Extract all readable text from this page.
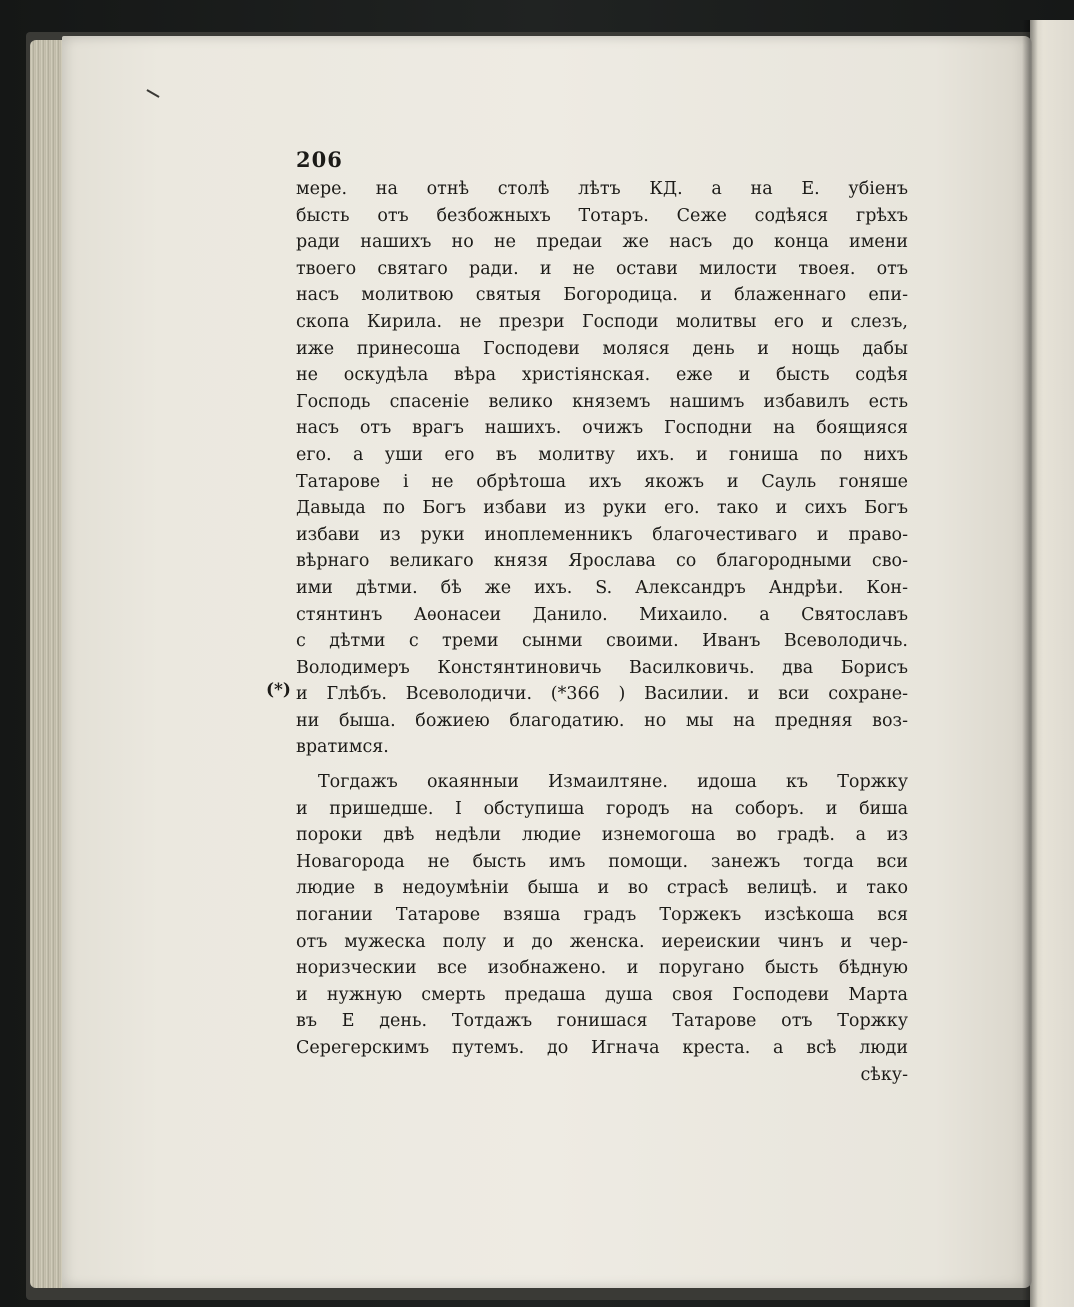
(*)
206
мере. на отнѣ столѣ лѣтъ КД. а на Е. убіенъ
бысть отъ безбожныхъ Тотаръ. Сеже содѣяся грѣхъ
ради нашихъ но не предаи же насъ до конца имени
твоего святаго ради. и не остави милости твоея. отъ
насъ молитвою святыя Богородица. и блаженнаго епи-
скопа Кирила. не презри Господи молитвы его и слезъ,
иже принесоша Господеви моляся день и нощь дабы
не оскудѣла вѣра христіянская. еже и бысть содѣя
Господь спасеніе велико княземъ нашимъ избавилъ есть
насъ отъ врагъ нашихъ. очижъ Господни на боящияся
его. а уши его въ молитву ихъ. и гониша по нихъ
Татарове і не обрѣтоша ихъ якожъ и Сауль гоняше
Давыда по Богъ избави из руки его. тако и сихъ Богъ
избави из руки иноплеменникъ благочестиваго и право-
вѣрнаго великаго князя Ярослава со благородными сво-
ими дѣтми. бѣ же ихъ. S. Александръ Андрѣи. Кон-
стянтинъ Аѳонасеи Данило. Михаило. а Святославъ
с дѣтми с треми сынми своими. Иванъ Всеволодичь.
Володимеръ Констянтиновичь Василковичь. два Борисъ
и Глѣбъ. Всеволодичи. (*366 ) Василии. и вси сохране-
ни быша. божиею благодатию. но мы на предняя воз-
вратимся.
Тогдажъ окаянныи Измаилтяне. идоша къ Торжку
и пришедше. І обступиша городъ на соборъ. и биша
пороки двѣ недѣли людие изнемогоша во градѣ. а из
Новагорода не бысть имъ помощи. занежъ тогда вси
людие в недоумѣніи быша и во страсѣ велицѣ. и тако
погании Татарове взяша градъ Торжекъ изсѣкоша вся
отъ мужеска полу и до женска. иереискии чинъ и чер-
норизческии все изобнажено. и поругано бысть бѣдную
и нужную смерть предаша душа своя Господеви Марта
въ Е день. Тотдажъ гонишася Татарове отъ Торжку
Серегерскимъ путемъ. до Игнача креста. а всѣ люди
сѣку-
